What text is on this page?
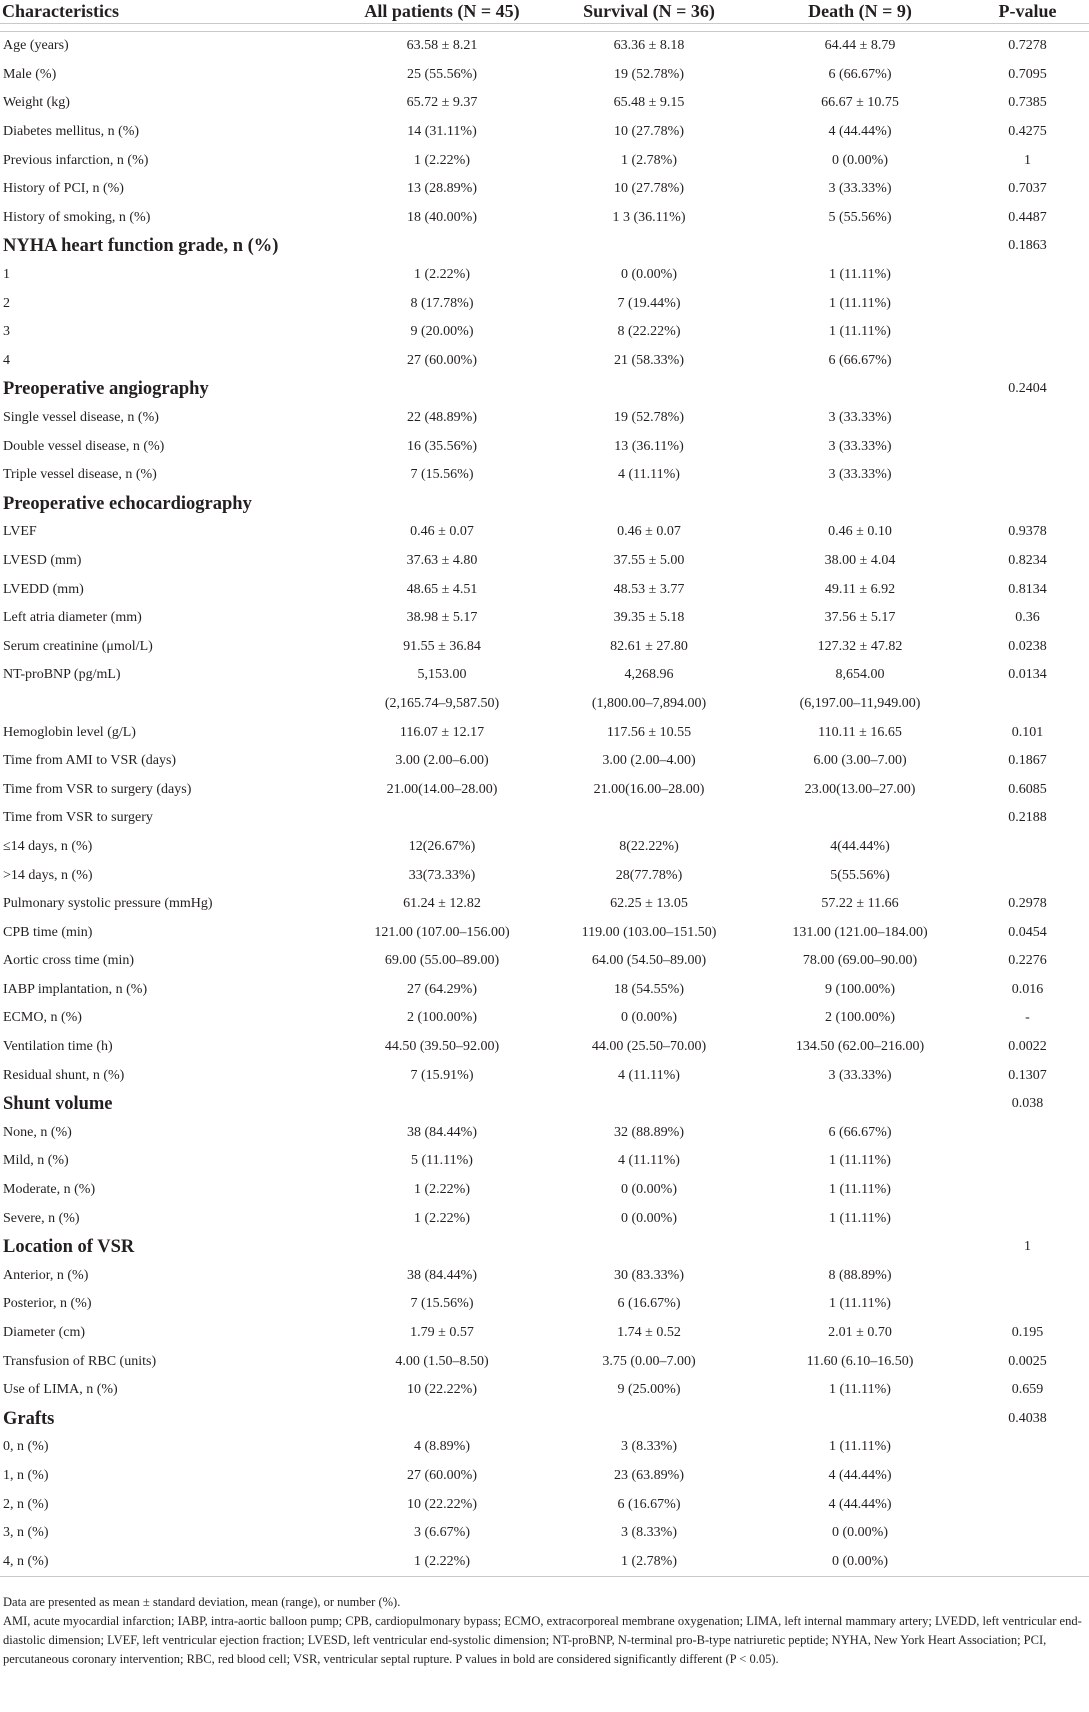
Characteristics	All patients (N = 45)	Survival (N = 36)	Death (N = 9)	P-value

Age (years)	63.58 ± 8.21	63.36 ± 8.18	64.44 ± 8.79	0.7278
Male (%)	25 (55.56%)	19 (52.78%)	6 (66.67%)	0.7095
Weight (kg)	65.72 ± 9.37	65.48 ± 9.15	66.67 ± 10.75	0.7385
Diabetes mellitus, n (%)	14 (31.11%)	10 (27.78%)	4 (44.44%)	0.4275
Previous infarction, n (%)	1 (2.22%)	1 (2.78%)	0 (0.00%)	1
History of PCI, n (%)	13 (28.89%)	10 (27.78%)	3 (33.33%)	0.7037
History of smoking, n (%)	18 (40.00%)	1 3 (36.11%)	5 (55.56%)	0.4487
NYHA heart function grade, n (%)				0.1863
1	1 (2.22%)	0 (0.00%)	1 (11.11%)	
2	8 (17.78%)	7 (19.44%)	1 (11.11%)	
3	9 (20.00%)	8 (22.22%)	1 (11.11%)	
4	27 (60.00%)	21 (58.33%)	6 (66.67%)	
Preoperative angiography				0.2404
Single vessel disease, n (%)	22 (48.89%)	19 (52.78%)	3 (33.33%)	
Double vessel disease, n (%)	16 (35.56%)	13 (36.11%)	3 (33.33%)	
Triple vessel disease, n (%)	7 (15.56%)	4 (11.11%)	3 (33.33%)	
Preoperative echocardiography				
LVEF	0.46 ± 0.07	0.46 ± 0.07	0.46 ± 0.10	0.9378
LVESD (mm)	37.63 ± 4.80	37.55 ± 5.00	38.00 ± 4.04	0.8234
LVEDD (mm)	48.65 ± 4.51	48.53 ± 3.77	49.11 ± 6.92	0.8134
Left atria diameter (mm)	38.98 ± 5.17	39.35 ± 5.18	37.56 ± 5.17	0.36
Serum creatinine (μmol/L)	91.55 ± 36.84	82.61 ± 27.80	127.32 ± 47.82	0.0238
NT-proBNP (pg/mL)	5,153.00	4,268.96	8,654.00	0.0134
	(2,165.74–9,587.50)	(1,800.00–7,894.00)	(6,197.00–11,949.00)	
Hemoglobin level (g/L)	116.07 ± 12.17	117.56 ± 10.55	110.11 ± 16.65	0.101
Time from AMI to VSR (days)	3.00 (2.00–6.00)	3.00 (2.00–4.00)	6.00 (3.00–7.00)	0.1867
Time from VSR to surgery (days)	21.00(14.00–28.00)	21.00(16.00–28.00)	23.00(13.00–27.00)	0.6085
Time from VSR to surgery				0.2188
≤14 days, n (%)	12(26.67%)	8(22.22%)	4(44.44%)	
>14 days, n (%)	33(73.33%)	28(77.78%)	5(55.56%)	
Pulmonary systolic pressure (mmHg)	61.24 ± 12.82	62.25 ± 13.05	57.22 ± 11.66	0.2978
CPB time (min)	121.00 (107.00–156.00)	119.00 (103.00–151.50)	131.00 (121.00–184.00)	0.0454
Aortic cross time (min)	69.00 (55.00–89.00)	64.00 (54.50–89.00)	78.00 (69.00–90.00)	0.2276
IABP implantation, n (%)	27 (64.29%)	18 (54.55%)	9 (100.00%)	0.016
ECMO, n (%)	2 (100.00%)	0 (0.00%)	2 (100.00%)	-
Ventilation time (h)	44.50 (39.50–92.00)	44.00 (25.50–70.00)	134.50 (62.00–216.00)	0.0022
Residual shunt, n (%)	7 (15.91%)	4 (11.11%)	3 (33.33%)	0.1307
Shunt volume				0.038
None, n (%)	38 (84.44%)	32 (88.89%)	6 (66.67%)	
Mild, n (%)	5 (11.11%)	4 (11.11%)	1 (11.11%)	
Moderate, n (%)	1 (2.22%)	0 (0.00%)	1 (11.11%)	
Severe, n (%)	1 (2.22%)	0 (0.00%)	1 (11.11%)	
Location of VSR				1
Anterior, n (%)	38 (84.44%)	30 (83.33%)	8 (88.89%)	
Posterior, n (%)	7 (15.56%)	6 (16.67%)	1 (11.11%)	
Diameter (cm)	1.79 ± 0.57	1.74 ± 0.52	2.01 ± 0.70	0.195
Transfusion of RBC (units)	4.00 (1.50–8.50)	3.75 (0.00–7.00)	11.60 (6.10–16.50)	0.0025
Use of LIMA, n (%)	10 (22.22%)	9 (25.00%)	1 (11.11%)	0.659
Grafts				0.4038
0, n (%)	4 (8.89%)	3 (8.33%)	1 (11.11%)	
1, n (%)	27 (60.00%)	23 (63.89%)	4 (44.44%)	
2, n (%)	10 (22.22%)	6 (16.67%)	4 (44.44%)	
3, n (%)	3 (6.67%)	3 (8.33%)	0 (0.00%)	
4, n (%)	1 (2.22%)	1 (2.78%)	0 (0.00%)	

Data are presented as mean ± standard deviation, mean (range), or number (%).

AMI, acute myocardial infarction; IABP, intra-aortic balloon pump; CPB, cardiopulmonary bypass; ECMO, extracorporeal membrane oxygenation; LIMA, left internal mammary artery; LVEDD, left ventricular end-diastolic dimension; LVEF, left ventricular ejection fraction; LVESD, left ventricular end-systolic dimension; NT-proBNP, N-terminal pro-B-type natriuretic peptide; NYHA, New York Heart Association; PCI, percutaneous coronary intervention; RBC, red blood cell; VSR, ventricular septal rupture. P values in bold are considered significantly different (P < 0.05).
